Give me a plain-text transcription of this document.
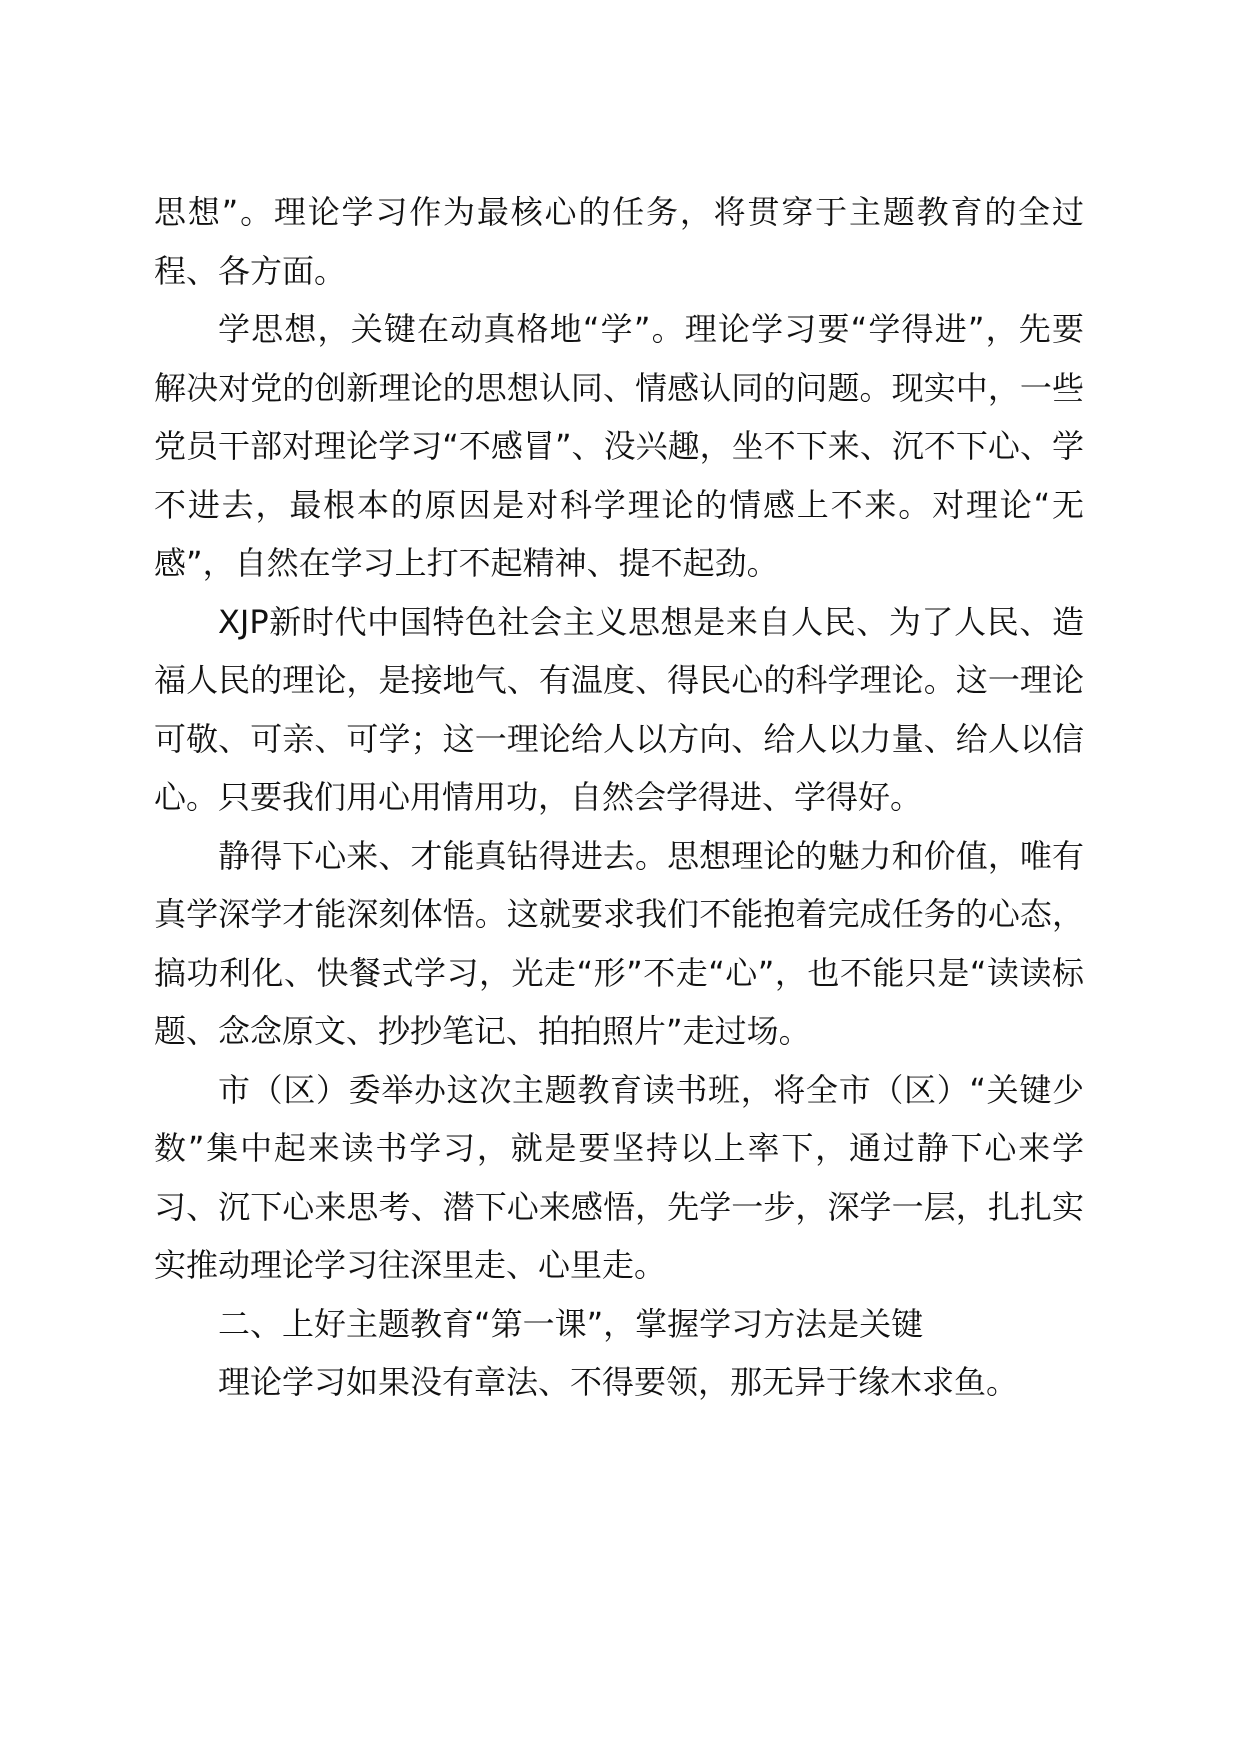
思想”。理论学习作为最核心的任务，将贯穿于主题教育的全过程、各方面。

学思想，关键在动真格地“学”。理论学习要“学得进”，先要解决对党的创新理论的思想认同、情感认同的问题。现实中，一些党员干部对理论学习“不感冒”、没兴趣，坐不下来、沉不下心、学不进去，最根本的原因是对科学理论的情感上不来。对理论“无感”，自然在学习上打不起精神、提不起劲。

XJP新时代中国特色社会主义思想是来自人民、为了人民、造福人民的理论，是接地气、有温度、得民心的科学理论。这一理论可敬、可亲、可学；这一理论给人以方向、给人以力量、给人以信心。只要我们用心用情用功，自然会学得进、学得好。

静得下心来、才能真钻得进去。思想理论的魅力和价值，唯有真学深学才能深刻体悟。这就要求我们不能抱着完成任务的心态，搞功利化、快餐式学习，光走“形”不走“心”，也不能只是“读读标题、念念原文、抄抄笔记、拍拍照片”走过场。

市（区）委举办这次主题教育读书班，将全市（区）“关键少数”集中起来读书学习，就是要坚持以上率下，通过静下心来学习、沉下心来思考、潜下心来感悟，先学一步，深学一层，扎扎实实推动理论学习往深里走、心里走。

二、上好主题教育“第一课”，掌握学习方法是关键

理论学习如果没有章法、不得要领，那无异于缘木求鱼。
